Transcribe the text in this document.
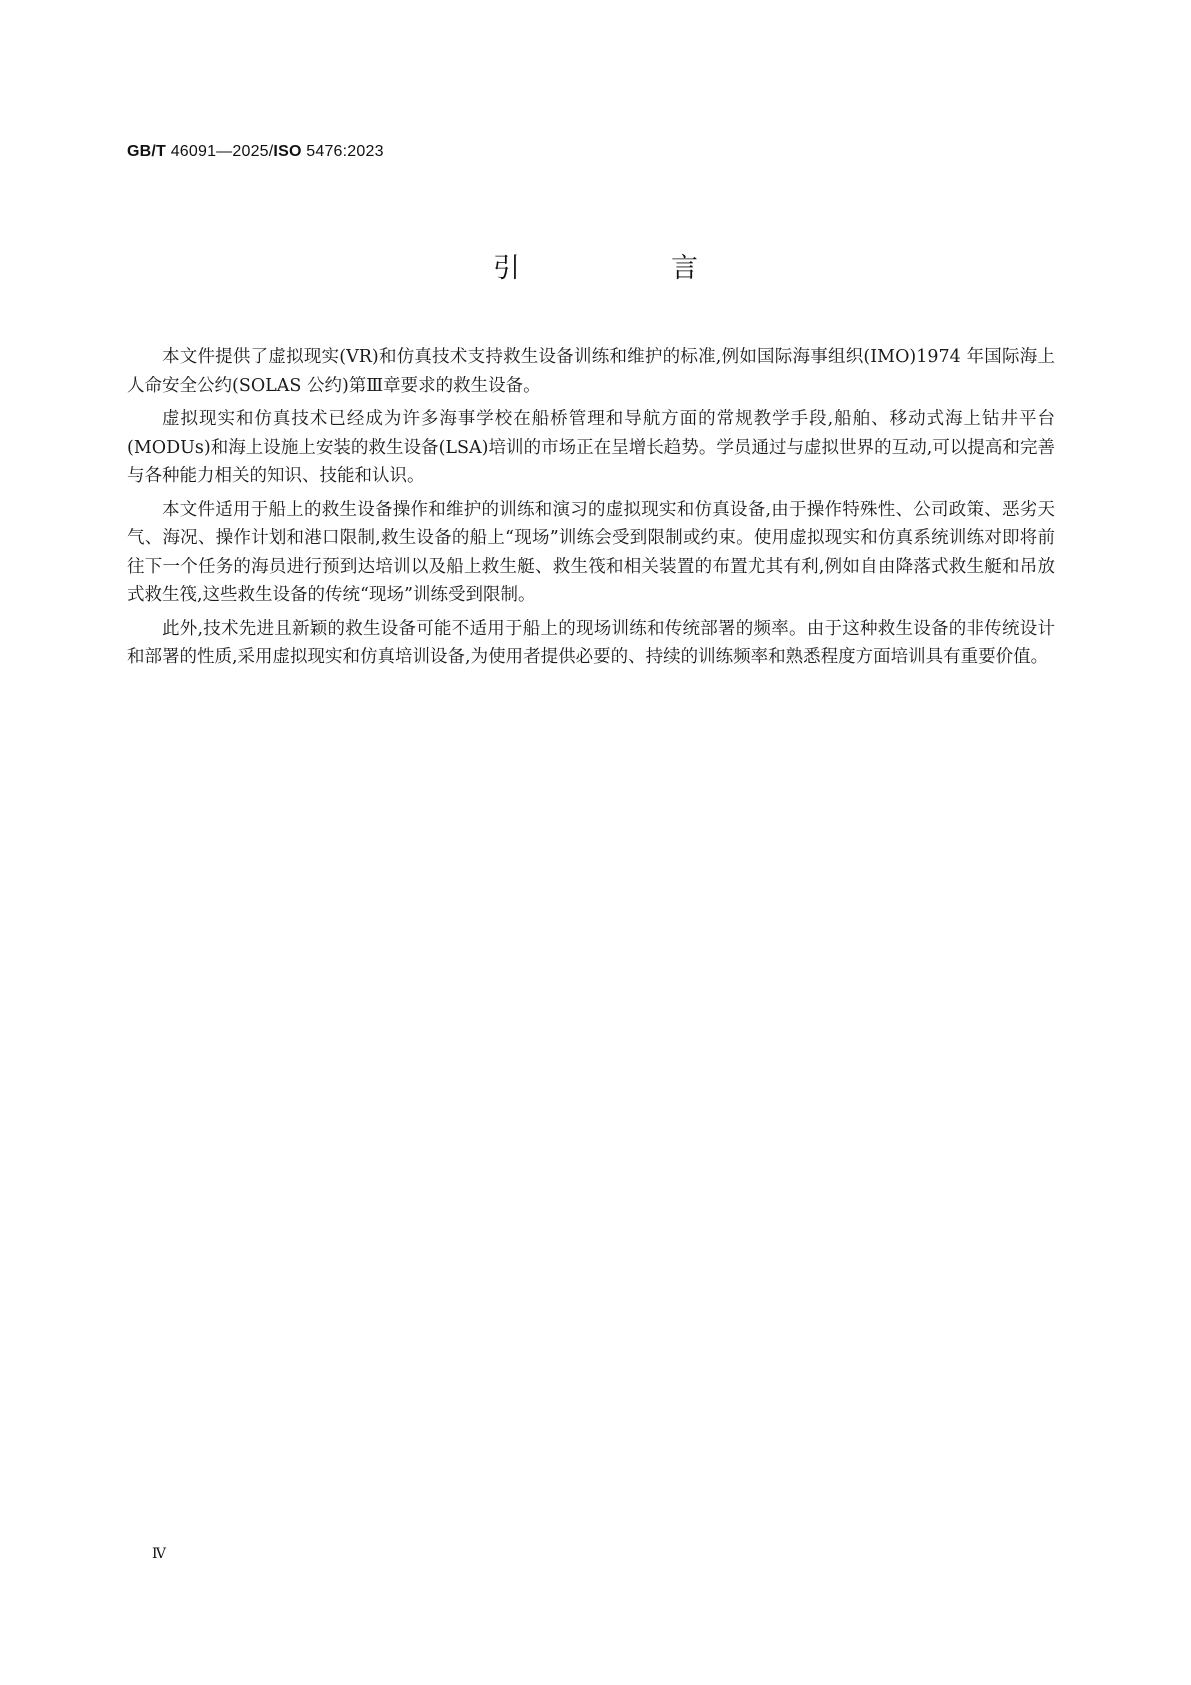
GB/T 46091—2025/ISO 5476:2023
引　言

本文件提供了虚拟现实(VR)和仿真技术支持救生设备训练和维护的标准,例如国际海事组织(IMO)1974 年国际海上人命安全公约(SOLAS 公约)第Ⅲ章要求的救生设备。

虚拟现实和仿真技术已经成为许多海事学校在船桥管理和导航方面的常规教学手段,船舶、移动式海上钻井平台(MODUs)和海上设施上安装的救生设备(LSA)培训的市场正在呈增长趋势。学员通过与虚拟世界的互动,可以提高和完善与各种能力相关的知识、技能和认识。

本文件适用于船上的救生设备操作和维护的训练和演习的虚拟现实和仿真设备,由于操作特殊性、公司政策、恶劣天气、海况、操作计划和港口限制,救生设备的船上“现场”训练会受到限制或约束。使用虚拟现实和仿真系统训练对即将前往下一个任务的海员进行预到达培训以及船上救生艇、救生筏和相关装置的布置尤其有利,例如自由降落式救生艇和吊放式救生筏,这些救生设备的传统“现场”训练受到限制。

此外,技术先进且新颖的救生设备可能不适用于船上的现场训练和传统部署的频率。由于这种救生设备的非传统设计和部署的性质,采用虚拟现实和仿真培训设备,为使用者提供必要的、持续的训练频率和熟悉程度方面培训具有重要价值。

Ⅳ
